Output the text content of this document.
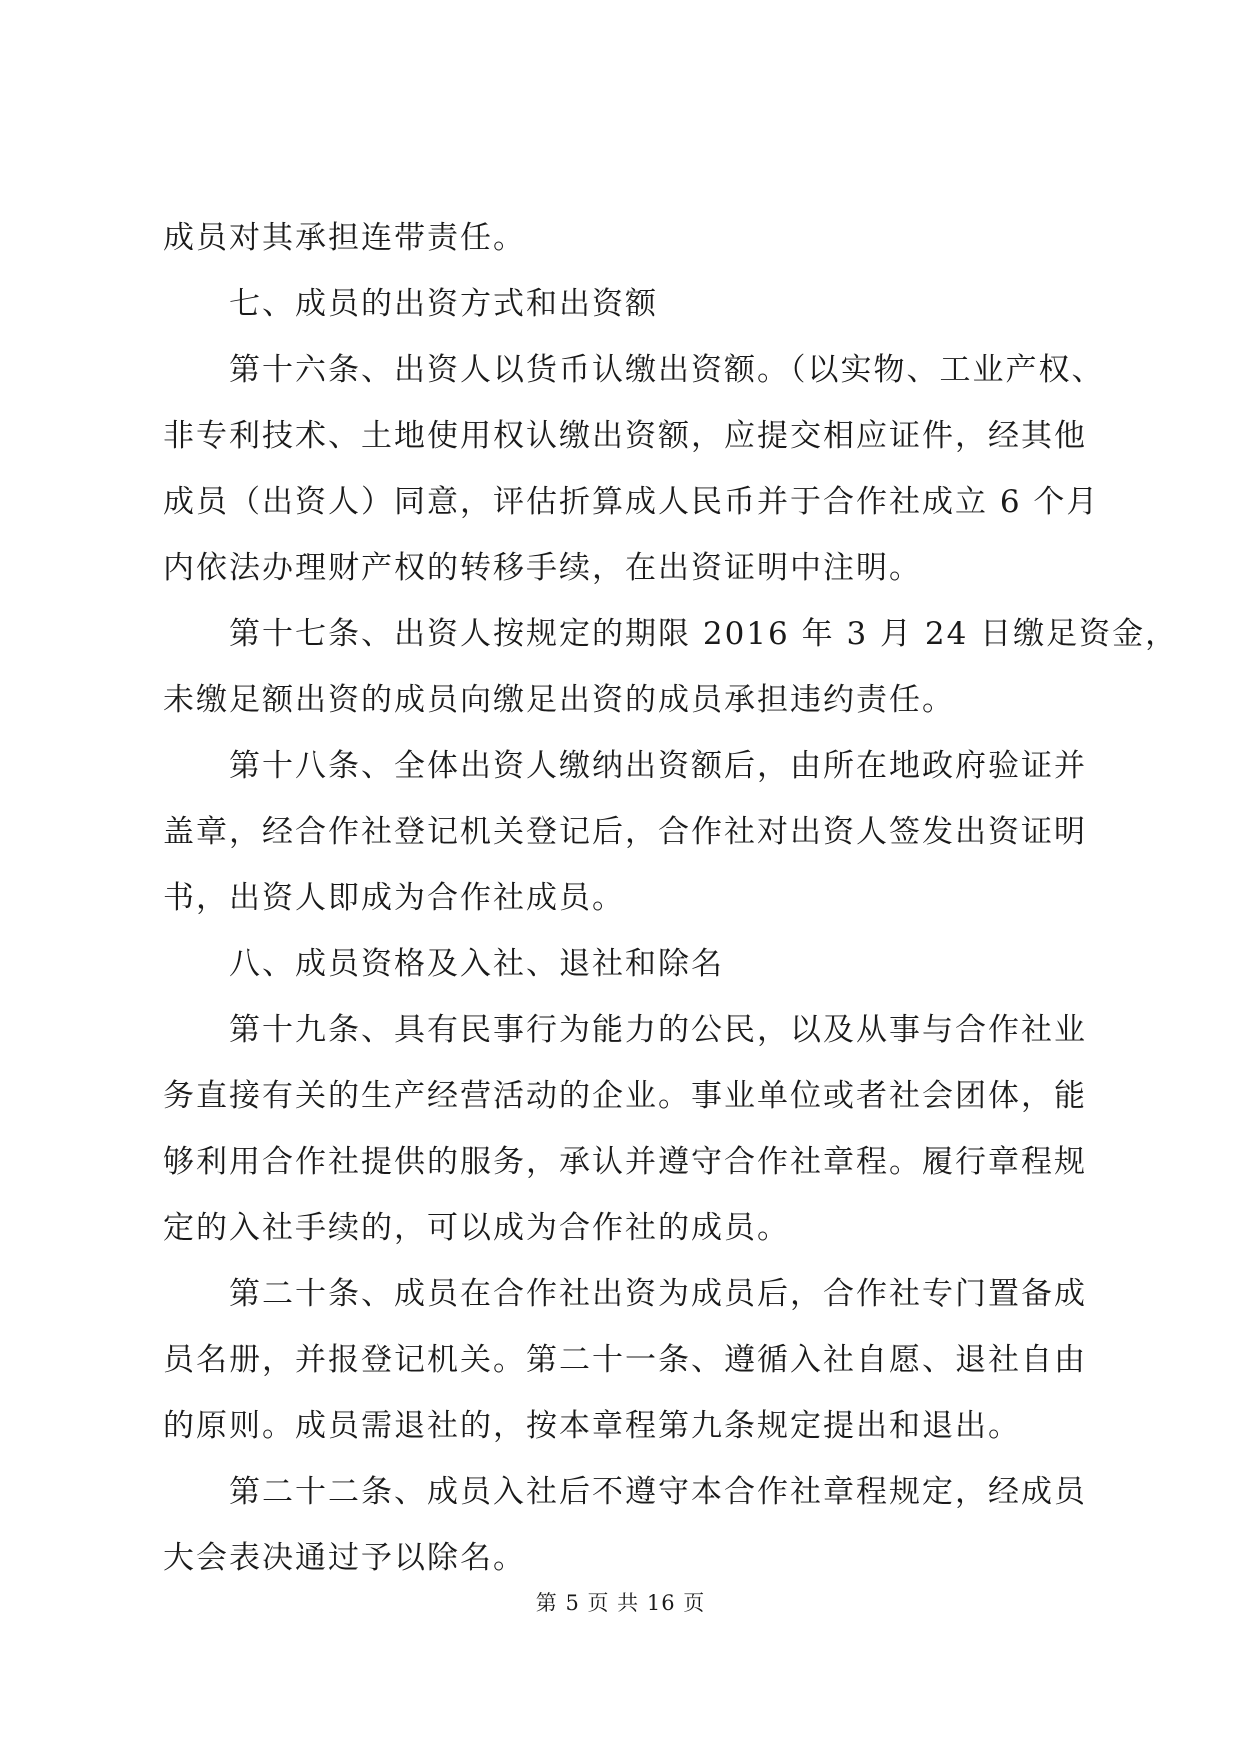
成员对其承担连带责任。
七、成员的出资方式和出资额
第十六条、出资人以货币认缴出资额。（以实物、工业产权、
非专利技术、土地使用权认缴出资额，应提交相应证件，经其他
成员（出资人）同意，评估折算成人民币并于合作社成立 6 个月
内依法办理财产权的转移手续，在出资证明中注明。
第十七条、出资人按规定的期限 2016 年 3 月 24 日缴足资金，
未缴足额出资的成员向缴足出资的成员承担违约责任。
第十八条、全体出资人缴纳出资额后，由所在地政府验证并
盖章，经合作社登记机关登记后，合作社对出资人签发出资证明
书，出资人即成为合作社成员。
八、成员资格及入社、退社和除名
第十九条、具有民事行为能力的公民，以及从事与合作社业
务直接有关的生产经营活动的企业。事业单位或者社会团体，能
够利用合作社提供的服务，承认并遵守合作社章程。履行章程规
定的入社手续的，可以成为合作社的成员。
第二十条、成员在合作社出资为成员后，合作社专门置备成
员名册，并报登记机关。第二十一条、遵循入社自愿、退社自由
的原则。成员需退社的，按本章程第九条规定提出和退出。
第二十二条、成员入社后不遵守本合作社章程规定，经成员
大会表决通过予以除名。
第 5 页 共 16 页
